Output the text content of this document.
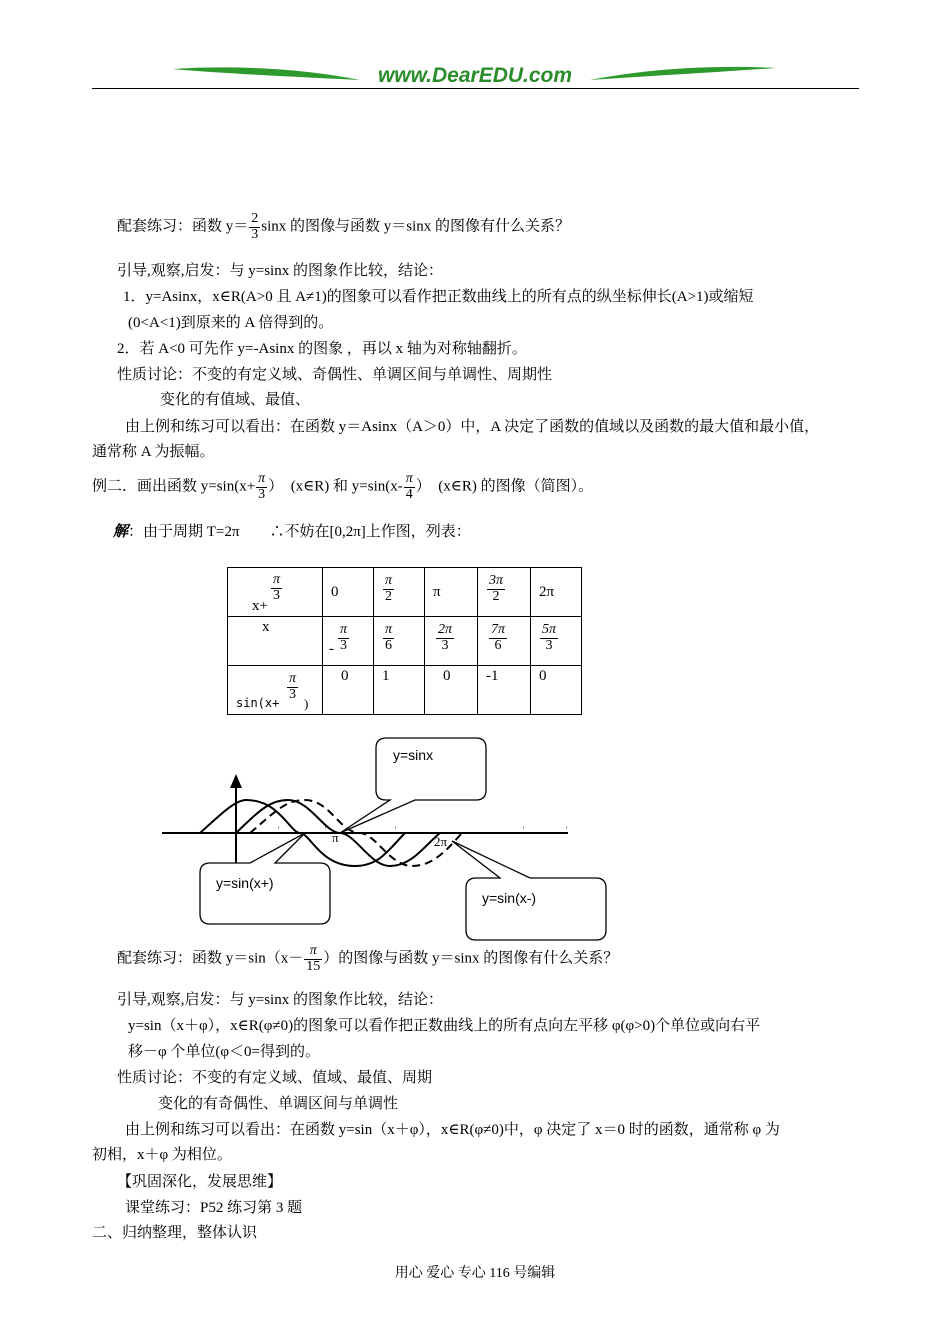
www.DearEDU.com
配套练习：函数 $y= \frac{2}{3}$ sinx 的图像与函数 y＝sinx 的图像有什么关系？
引导,观察,启发：与 y=sinx 的图象作比较，结论：
1．y=Asinx，x∈R(A>0 且 A≠1)的图象可以看作把正数曲线上的所有点的纵坐标伸长(A>1)或缩短
(0<A<1)到原来的 A 倍得到的。
2．若 A<0 可先作 y=-Asinx 的图象 ，再以 x 轴为对称轴翻折。
性质讨论：不变的有定义域、奇偶性、单调区间与单调性、周期性
变化的有值域、最值、
由上例和练习可以看出：在函数 y＝Asinx（A＞0）中，A 决定了函数的值域以及函数的最大值和最小值，
通常称 A 为振幅。
例二．画出函数 $y=\sin(x+ \frac{\pi}{3}$ ）　(x∈R) 和 $y=\sin(x- \frac{\pi}{4}$ ）　(x∈R) 的图像（简图）。
解：由于周期 T=2π　　∴不妨在[0,2π]上作图，列表：
x+
$\frac{\pi}{3}$	0	$\frac{\pi}{2}$	π	$\frac{3\pi}{2}$	2π

x	- $\frac{\pi}{3}$	$\frac{\pi}{6}$	$\frac{2\pi}{3}$	$\frac{7\pi}{6}$	$\frac{5\pi}{3}$

sin(x+
$\frac{\pi}{3}$
)	0	1	0	-1	0
'	'	'	'	'
π	2π
y=sinx
y=sin(x+)
y=sin(x-)
配套练习：函数 $y=\sin(x- \frac{\pi}{15}$ ）的图像与函数 y＝sinx 的图像有什么关系？
引导,观察,启发：与 y=sinx 的图象作比较，结论：
y=sin（x＋φ），x∈R(φ≠0)的图象可以看作把正数曲线上的所有点向左平移 φ(φ>0)个单位或向右平
移－φ 个单位(φ＜0=得到的。
性质讨论：不变的有定义域、值域、最值、周期
变化的有奇偶性、单调区间与单调性
由上例和练习可以看出：在函数 y=sin（x＋φ），x∈R(φ≠0)中，φ 决定了 x＝0 时的函数，通常称 φ 为
初相，x＋φ 为相位。
【巩固深化，发展思维】
课堂练习：P52 练习第 3 题
二、归纳整理，整体认识
用心 爱心 专心 116 号编辑
